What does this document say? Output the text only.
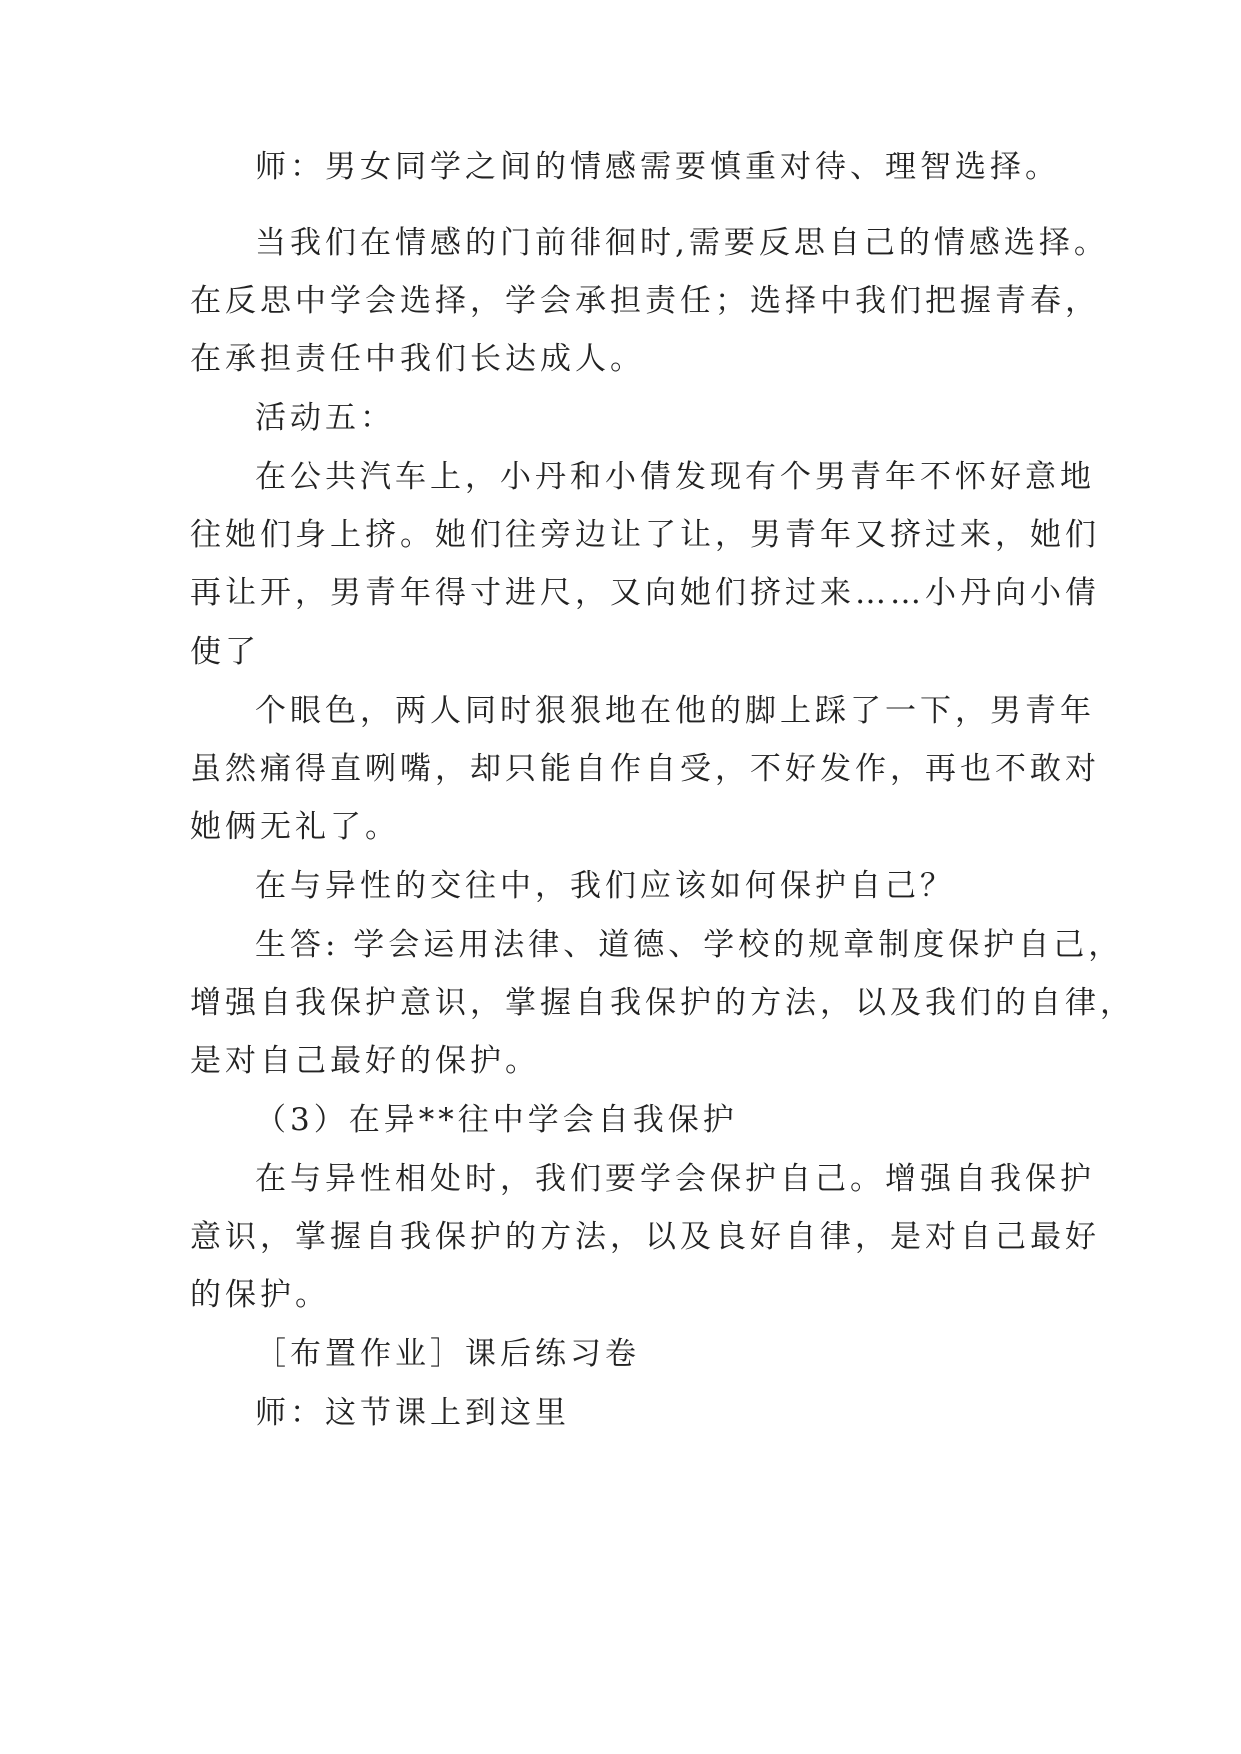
师：男女同学之间的情感需要慎重对待、理智选择。
当我们在情感的门前徘徊时,需要反思自己的情感选择。
在反思中学会选择，学会承担责任；选择中我们把握青春，
在承担责任中我们长达成人。
活动五：
在公共汽车上，小丹和小倩发现有个男青年不怀好意地
往她们身上挤。她们往旁边让了让，男青年又挤过来，她们
再让开，男青年得寸进尺，又向她们挤过来……小丹向小倩
使了
个眼色，两人同时狠狠地在他的脚上踩了一下，男青年
虽然痛得直咧嘴，却只能自作自受，不好发作，再也不敢对
她俩无礼了。
在与异性的交往中，我们应该如何保护自己？
生答: 学会运用法律、道德、学校的规章制度保护自己，
增强自我保护意识，掌握自我保护的方法，以及我们的自律，
是对自己最好的保护。
（3）在异**往中学会自我保护
在与异性相处时，我们要学会保护自己。增强自我保护
意识，掌握自我保护的方法，以及良好自律，是对自己最好
的保护。
［布置作业］课后练习卷
师：这节课上到这里
